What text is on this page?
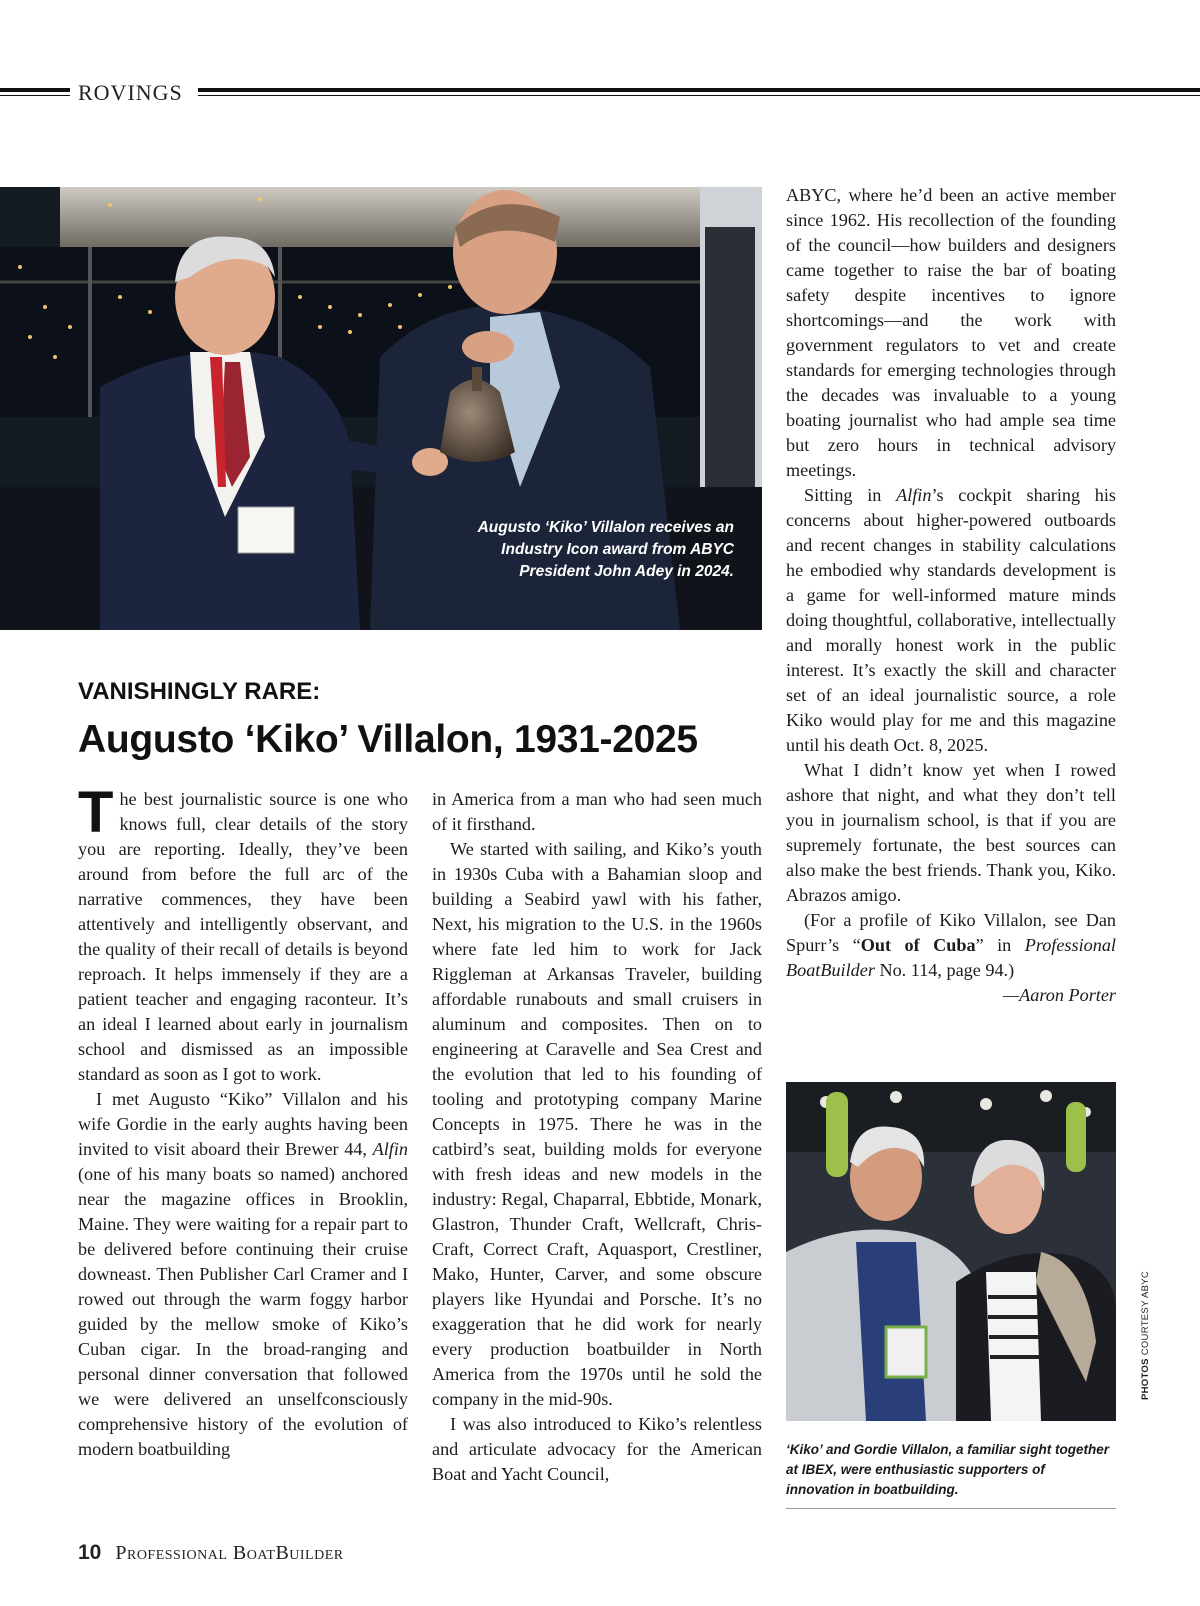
ROVINGS
Augusto ‘Kiko’ Villalon receives an Industry Icon award from ABYC President John Adey in 2024.
VANISHINGLY RARE:
Augusto ‘Kiko’ Villalon, 1931-2025

The best journalistic source is one who knows full, clear details of the story you are reporting. Ideally, they’ve been around from before the full arc of the narrative commences, they have been attentively and intelligently observant, and the quality of their recall of details is beyond reproach. It helps immensely if they are a patient teacher and engaging raconteur. It’s an ideal I learned about early in journalism school and dismissed as an impossible standard as soon as I got to work.

I met Augusto “Kiko” Villalon and his wife Gordie in the early aughts having been invited to visit aboard their Brewer 44, Alfin (one of his many boats so named) anchored near the magazine offices in Brooklin, Maine. They were waiting for a repair part to be delivered before continuing their cruise downeast. Then Publisher Carl Cramer and I rowed out through the warm foggy harbor guided by the mellow smoke of Kiko’s Cuban cigar. In the broad-ranging and personal dinner conversation that followed we were delivered an unselfconsciously comprehensive history of the evolution of modern boatbuilding

in America from a man who had seen much of it firsthand.

We started with sailing, and Kiko’s youth in 1930s Cuba with a Bahamian sloop and building a Seabird yawl with his father, Next, his migration to the U.S. in the 1960s where fate led him to work for Jack Riggleman at Arkansas Traveler, building affordable runabouts and small cruisers in aluminum and composites. Then on to engineering at Caravelle and Sea Crest and the evolution that led to his founding of tooling and prototyping company Marine Concepts in 1975. There he was in the catbird’s seat, building molds for everyone with fresh ideas and new models in the industry: Regal, Chaparral, Ebbtide, Monark, Glastron, Thunder Craft, Wellcraft, Chris-Craft, Correct Craft, Aquasport, Crestliner, Mako, Hunter, Carver, and some obscure players like Hyundai and Porsche. It’s no exaggeration that he did work for nearly every production boatbuilder in North America from the 1970s until he sold the company in the mid-90s.

I was also introduced to Kiko’s relentless and articulate advocacy for the American Boat and Yacht Council,

ABYC, where he’d been an active member since 1962. His recollection of the founding of the council—how builders and designers came together to raise the bar of boating safety despite incentives to ignore shortcomings—and the work with government regulators to vet and create standards for emerging technologies through the decades was invaluable to a young boating journalist who had ample sea time but zero hours in technical advisory meetings.

Sitting in Alfin’s cockpit sharing his concerns about higher-powered outboards and recent changes in stability calculations he embodied why standards development is a game for well-informed mature minds doing thoughtful, collaborative, intellectually and morally honest work in the public interest. It’s exactly the skill and character set of an ideal journalistic source, a role Kiko would play for me and this magazine until his death Oct. 8, 2025.

What I didn’t know yet when I rowed ashore that night, and what they don’t tell you in journalism school, is that if you are supremely fortunate, the best sources can also make the best friends. Thank you, Kiko. Abrazos amigo.

(For a profile of Kiko Villalon, see Dan Spurr’s “Out of Cuba” in Professional BoatBuilder No. 114, page 94.)

—Aaron Porter

‘Kiko’ and Gordie Villalon, a familiar sight together at IBEX, were enthusiastic supporters of innovation in boatbuilding.
PHOTOS COURTESY ABYC
10 Professional BoatBuilder
